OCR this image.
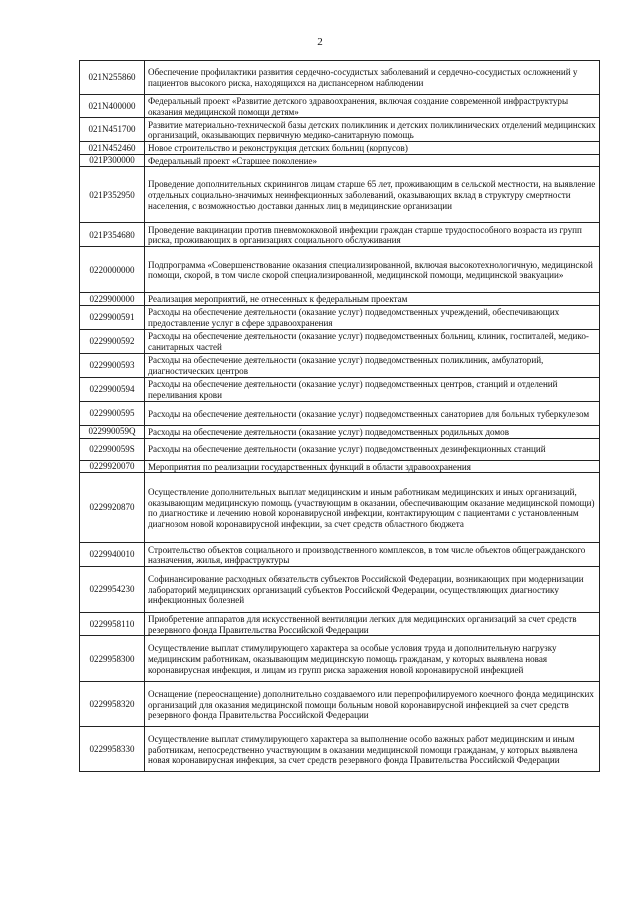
2
021N255860	Обеспечение профилактики развития сердечно-сосудистых заболеваний и сердечно-сосудистых осложнений у пациентов высокого риска, находящихся на диспансерном наблюдении
021N400000	Федеральный проект «Развитие детского здравоохранения, включая создание современной инфраструктуры оказания медицинской помощи детям»
021N451700	Развитие материально-технической базы детских поликлиник и детских поликлинических отделений медицинских организаций, оказывающих первичную медико-санитарную помощь
021N452460	Новое строительство и реконструкция детских больниц (корпусов)
021P300000	Федеральный проект «Старшее поколение»
021P352950	Проведение дополнительных скринингов лицам старше 65 лет, проживающим в сельской местности, на выявление отдельных социально-значимых неинфекционных заболеваний, оказывающих вклад в структуру смертности населения, с возможностью доставки данных лиц в медицинские организации
021P354680	Проведение вакцинации против пневмококковой инфекции граждан старше трудоспособного возраста из групп риска, проживающих в организациях социального обслуживания
0220000000	Подпрограмма «Совершенствование оказания специализированной, включая высокотехнологичную, медицинской помощи, скорой, в том числе скорой специализированной, медицинской помощи, медицинской эвакуации»
0229900000	Реализация мероприятий, не отнесенных к федеральным проектам
0229900591	Расходы на обеспечение деятельности (оказание услуг) подведомственных учреждений, обеспечивающих предоставление услуг в сфере здравоохранения
0229900592	Расходы на обеспечение деятельности (оказание услуг) подведомственных больниц, клиник, госпиталей, медико-санитарных частей
0229900593	Расходы на обеспечение деятельности (оказание услуг) подведомственных поликлиник, амбулаторий, диагностических центров
0229900594	Расходы на обеспечение деятельности (оказание услуг) подведомственных центров, станций и отделений переливания крови
0229900595	Расходы на обеспечение деятельности (оказание услуг) подведомственных санаториев для больных туберкулезом
022990059Q	Расходы на обеспечение деятельности (оказание услуг) подведомственных родильных домов
022990059S	Расходы на обеспечение деятельности (оказание услуг) подведомственных дезинфекционных станций
0229920070	Мероприятия по реализации государственных функций в области здравоохранения
0229920870	Осуществление дополнительных выплат медицинским и иным работникам медицинских и иных организаций, оказывающим медицинскую помощь (участвующим в оказании, обеспечивающим оказание медицинской помощи) по диагностике и лечению новой коронавирусной инфекции, контактирующим с пациентами с установленным диагнозом новой коронавирусной инфекции, за счет средств областного бюджета
0229940010	Строительство объектов социального и производственного комплексов, в том числе объектов общегражданского назначения, жилья, инфраструктуры
0229954230	Софинансирование расходных обязательств субъектов Российской Федерации, возникающих при модернизации лабораторий медицинских организаций субъектов Российской Федерации, осуществляющих диагностику инфекционных болезней
0229958110	Приобретение аппаратов для искусственной вентиляции легких для медицинских организаций за счет средств резервного фонда Правительства Российской Федерации
0229958300	Осуществление выплат стимулирующего характера за особые условия труда и дополнительную нагрузку медицинским работникам, оказывающим медицинскую помощь гражданам, у которых выявлена новая коронавирусная инфекция, и лицам из групп риска заражения новой коронавирусной инфекцией
0229958320	Оснащение (переоснащение) дополнительно создаваемого или перепрофилируемого коечного фонда медицинских организаций для оказания медицинской помощи больным новой коронавирусной инфекцией за счет средств резервного фонда Правительства Российской Федерации
0229958330	Осуществление выплат стимулирующего характера за выполнение особо важных работ медицинским и иным работникам, непосредственно участвующим в оказании медицинской помощи гражданам, у которых выявлена новая коронавирусная инфекция, за счет средств резервного фонда Правительства Российской Федерации
